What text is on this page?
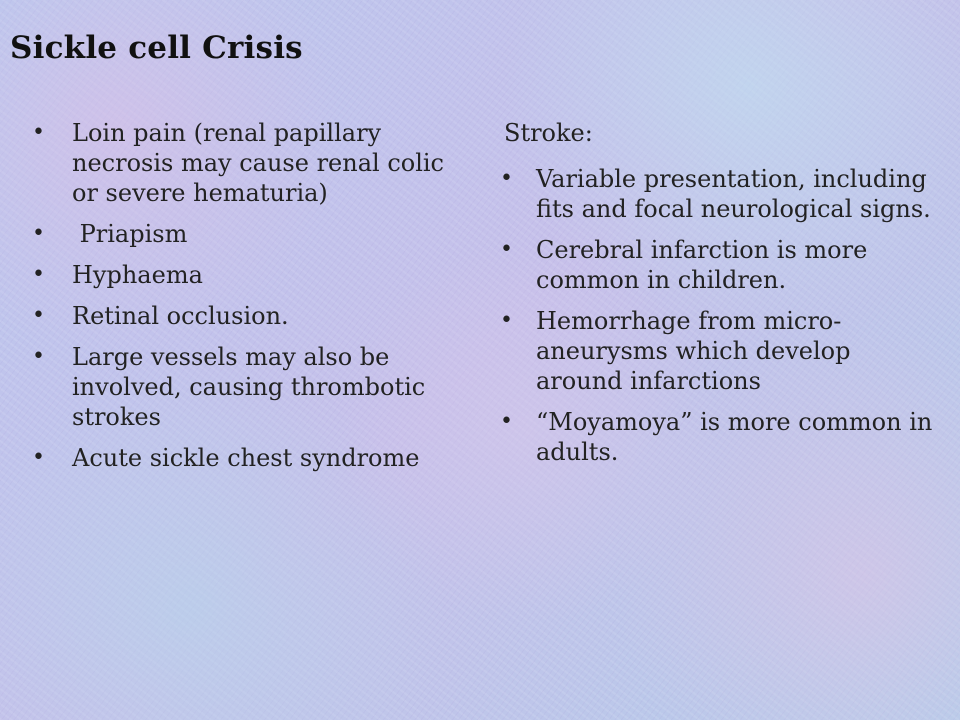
Sickle cell Crisis
• Loin pain (renal papillary necrosis may cause renal colic or severe hematuria)
• Priapism
• Hyphaema
• Retinal occlusion.
• Large vessels may also be involved, causing thrombotic strokes
• Acute sickle chest syndrome

Stroke:

• Variable presentation, including fits and focal neurological signs.
• Cerebral infarction is more common in children.
• Hemorrhage from micro-aneurysms which develop around infarctions
• “Moyamoya” is more common in adults.
